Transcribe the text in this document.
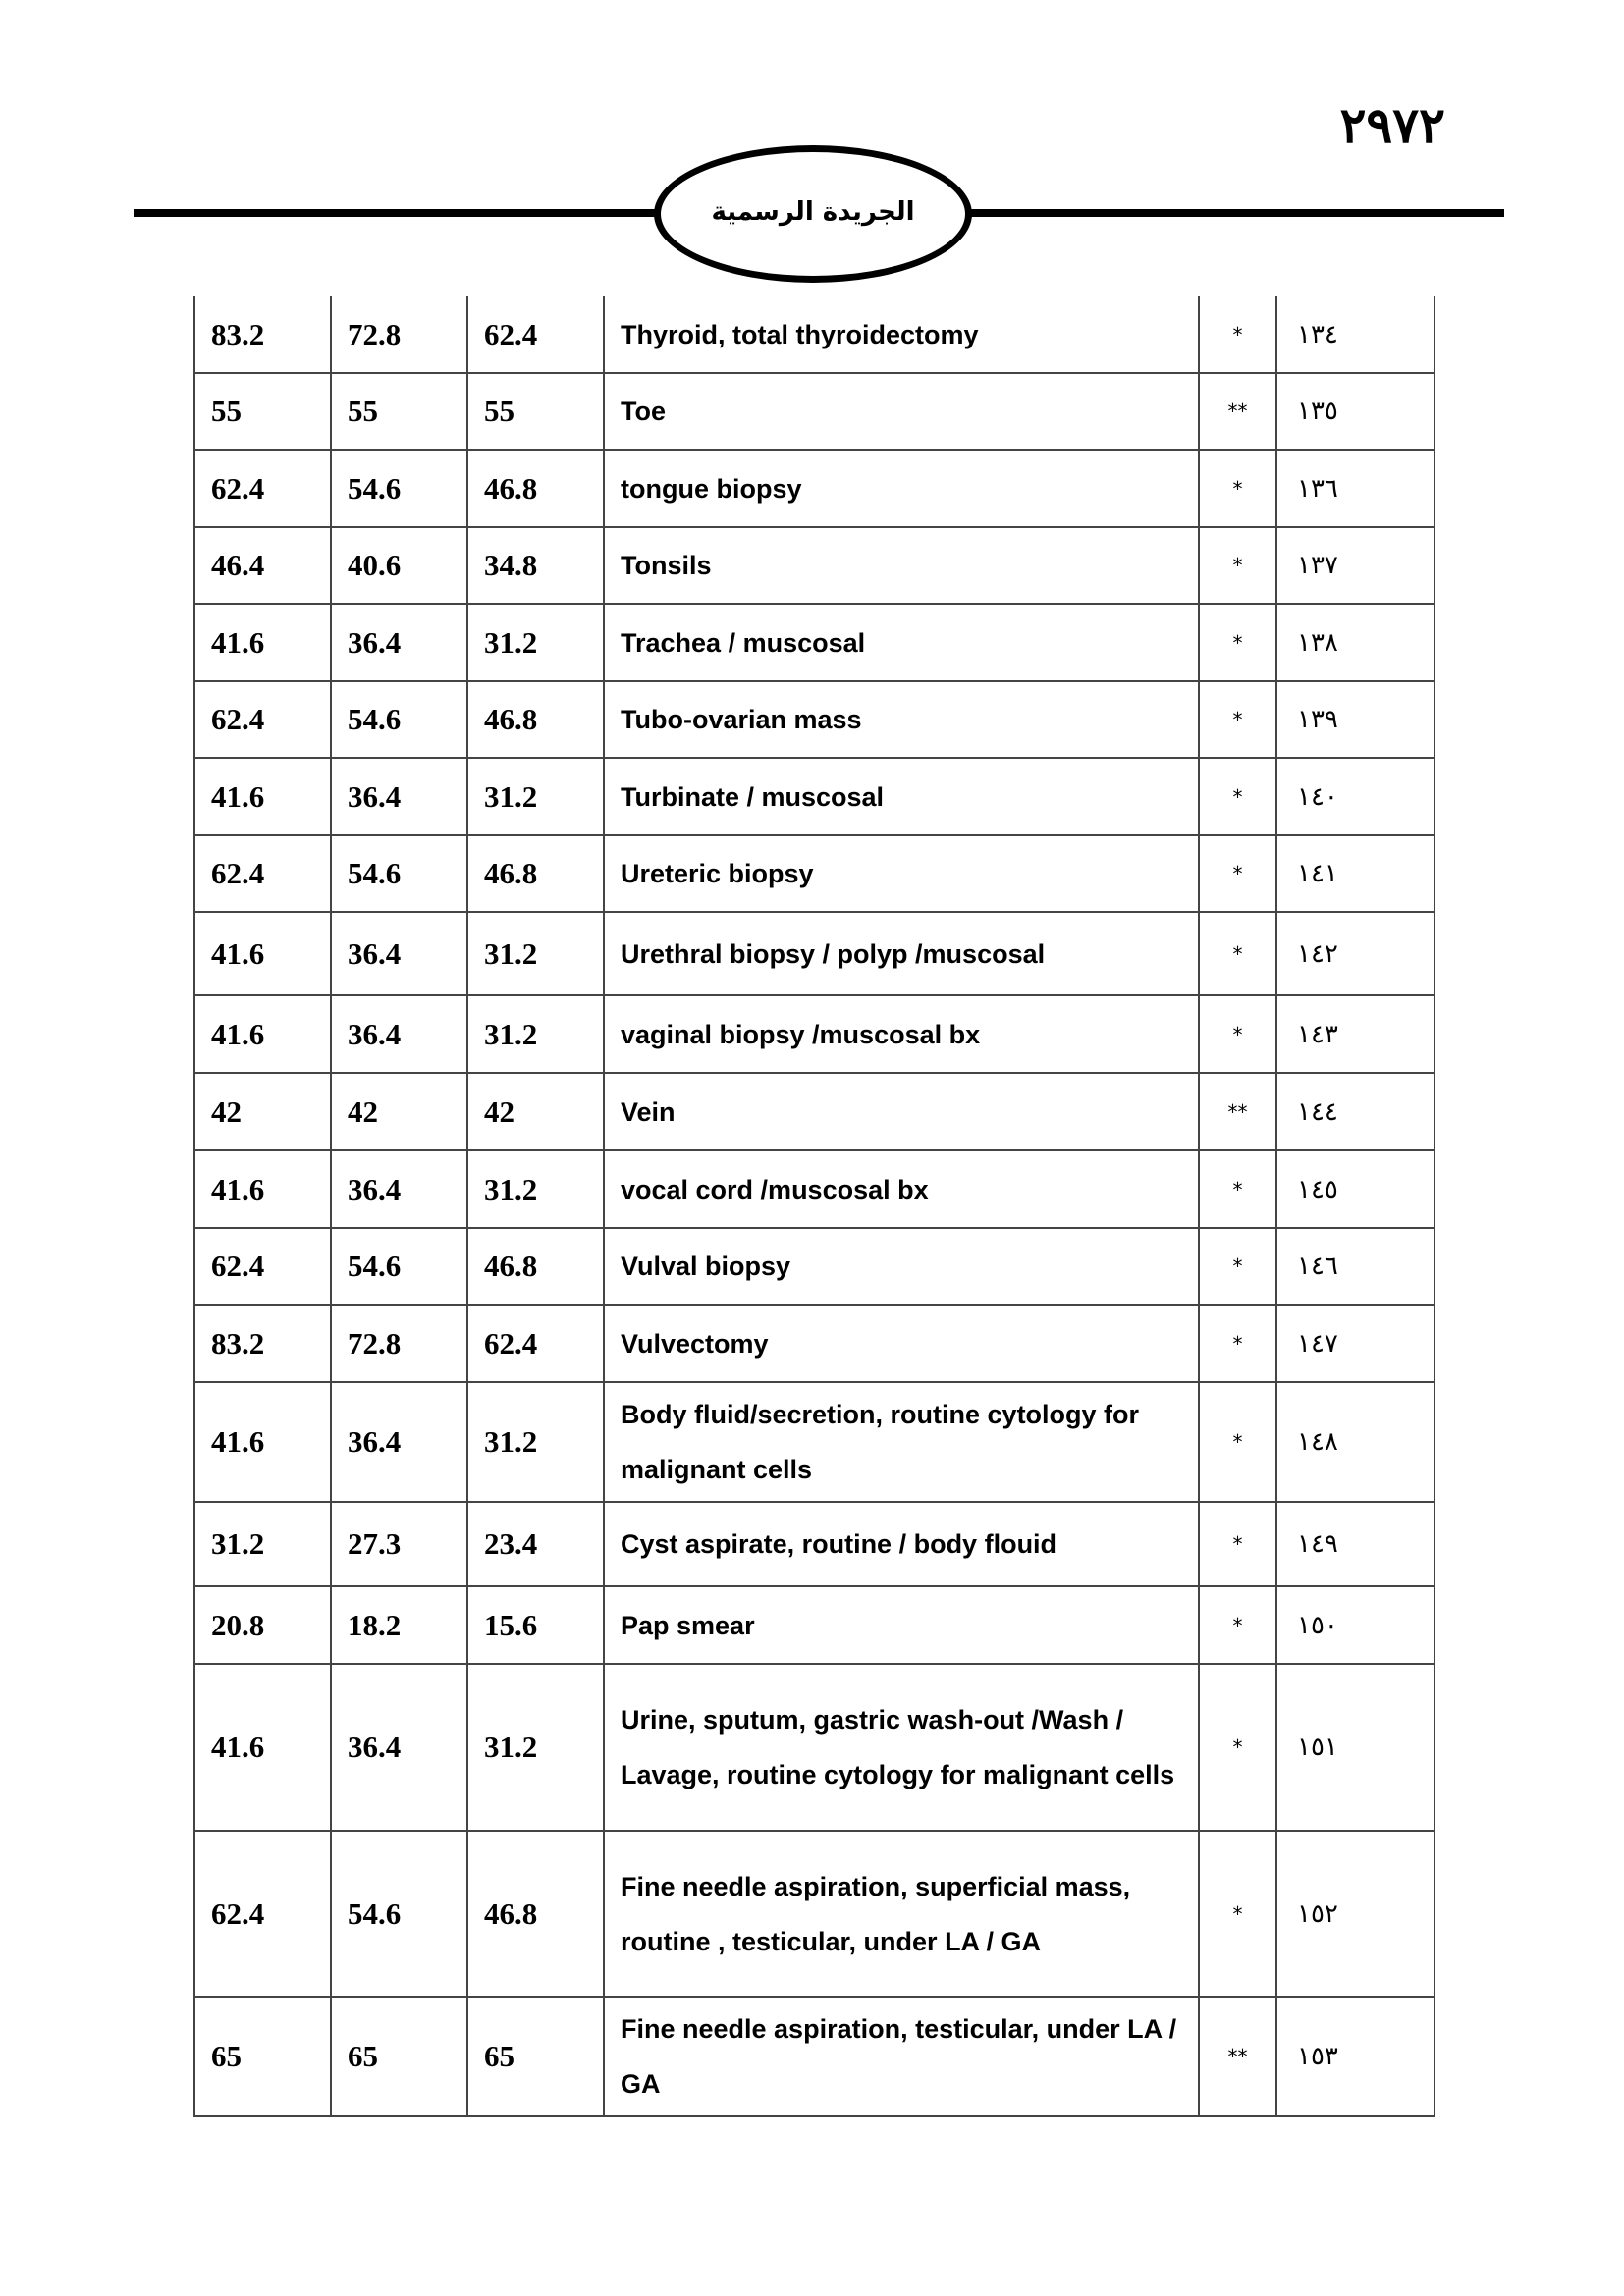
٢٩٧٢
الجريدة الرسمية
83.2	72.8	62.4	Thyroid, total thyroidectomy	*	١٣٤
55	55	55	Toe	**	١٣٥
62.4	54.6	46.8	tongue biopsy	*	١٣٦
46.4	40.6	34.8	Tonsils	*	١٣٧
41.6	36.4	31.2	Trachea / muscosal	*	١٣٨
62.4	54.6	46.8	Tubo-ovarian mass	*	١٣٩
41.6	36.4	31.2	Turbinate / muscosal	*	١٤٠
62.4	54.6	46.8	Ureteric biopsy	*	١٤١
41.6	36.4	31.2	Urethral biopsy / polyp /muscosal	*	١٤٢
41.6	36.4	31.2	vaginal biopsy /muscosal bx	*	١٤٣
42	42	42	Vein	**	١٤٤
41.6	36.4	31.2	vocal cord /muscosal bx	*	١٤٥
62.4	54.6	46.8	Vulval biopsy	*	١٤٦
83.2	72.8	62.4	Vulvectomy	*	١٤٧
41.6	36.4	31.2	Body fluid/secretion, routine cytology for malignant cells	*	١٤٨
31.2	27.3	23.4	Cyst aspirate, routine / body flouid	*	١٤٩
20.8	18.2	15.6	Pap smear	*	١٥٠
41.6	36.4	31.2	Urine, sputum, gastric wash-out /Wash / Lavage, routine cytology for malignant cells	*	١٥١
62.4	54.6	46.8	Fine needle aspiration, superficial mass, routine , testicular, under LA / GA	*	١٥٢
65	65	65	Fine needle aspiration, testicular, under LA / GA	**	١٥٣
